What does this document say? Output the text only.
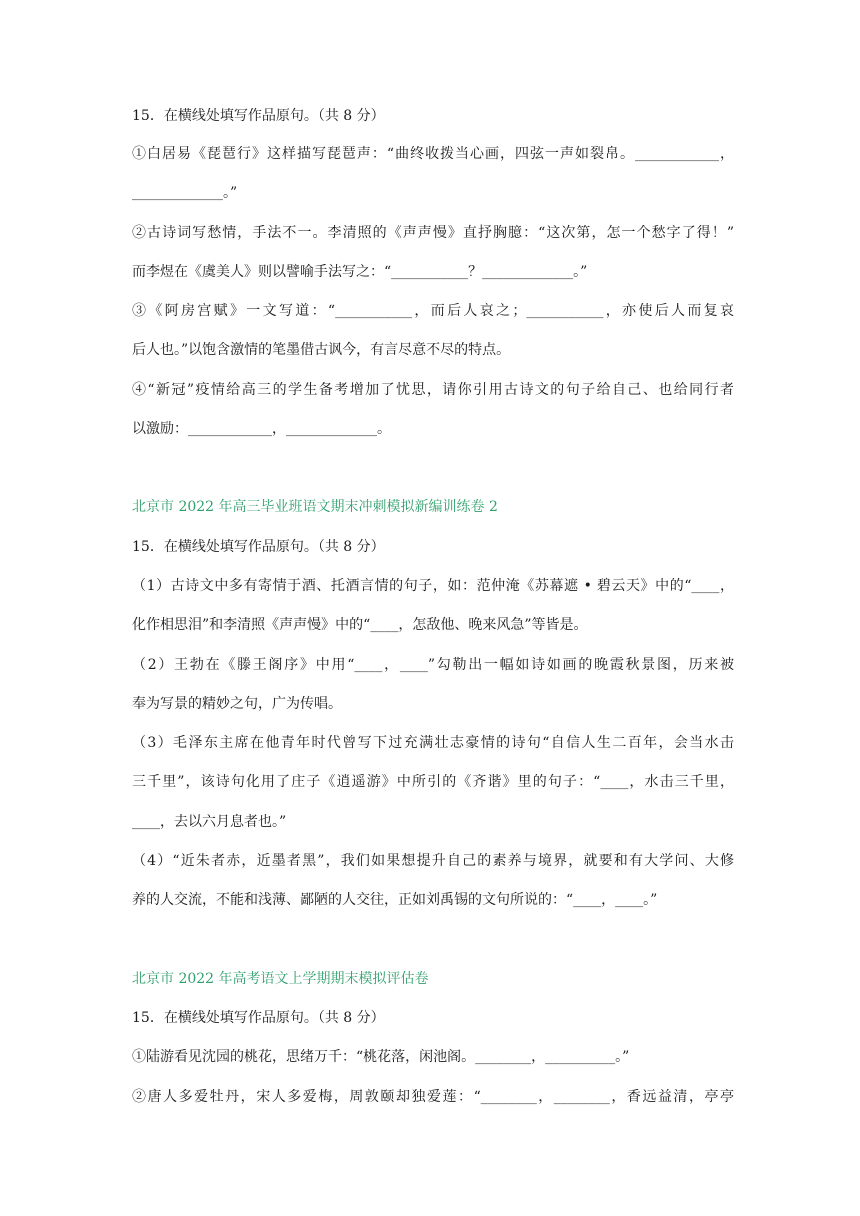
15．在横线处填写作品原句。（共 8 分）
①白居易《琵琶行》这样描写琵琶声：“曲终收拨当心画，四弦一声如裂帛。____________，
_____________。”
②古诗词写愁情，手法不一。李清照的《声声慢》直抒胸臆：“这次第，怎一个愁字了得！”
而李煜在《虞美人》则以譬喻手法写之：“___________？_____________。”
③《阿房宫赋》一文写道：“___________，而后人哀之；___________，亦使后人而复哀
后人也。”以饱含激情的笔墨借古讽今，有言尽意不尽的特点。
④“新冠”疫情给高三的学生备考增加了忧思，请你引用古诗文的句子给自己、也给同行者
以激励：____________，_____________。
北京市 2022 年高三毕业班语文期末冲刺模拟新编训练卷 2
15．在横线处填写作品原句。（共 8 分）
（1）古诗文中多有寄情于酒、托酒言情的句子，如：范仲淹《苏幕遮 • 碧云天》中的“____，
化作相思泪”和李清照《声声慢》中的“____，怎敌他、晚来风急”等皆是。
（2）王勃在《滕王阁序》中用“____，____”勾勒出一幅如诗如画的晚霞秋景图，历来被
奉为写景的精妙之句，广为传唱。
（3）毛泽东主席在他青年时代曾写下过充满壮志豪情的诗句“自信人生二百年，会当水击
三千里”，该诗句化用了庄子《逍遥游》中所引的《齐谐》里的句子：“____，水击三千里，
____，去以六月息者也。”
（4）“近朱者赤，近墨者黑”，我们如果想提升自己的素养与境界，就要和有大学问、大修
养的人交流，不能和浅薄、鄙陋的人交往，正如刘禹锡的文句所说的：“____，____。”
北京市 2022 年高考语文上学期期末模拟评估卷
15．在横线处填写作品原句。（共 8 分）
①陆游看见沈园的桃花，思绪万千：“桃花落，闲池阁。________，__________。”
②唐人多爱牡丹，宋人多爱梅，周敦颐却独爱莲：“________，________，香远益清，亭亭
